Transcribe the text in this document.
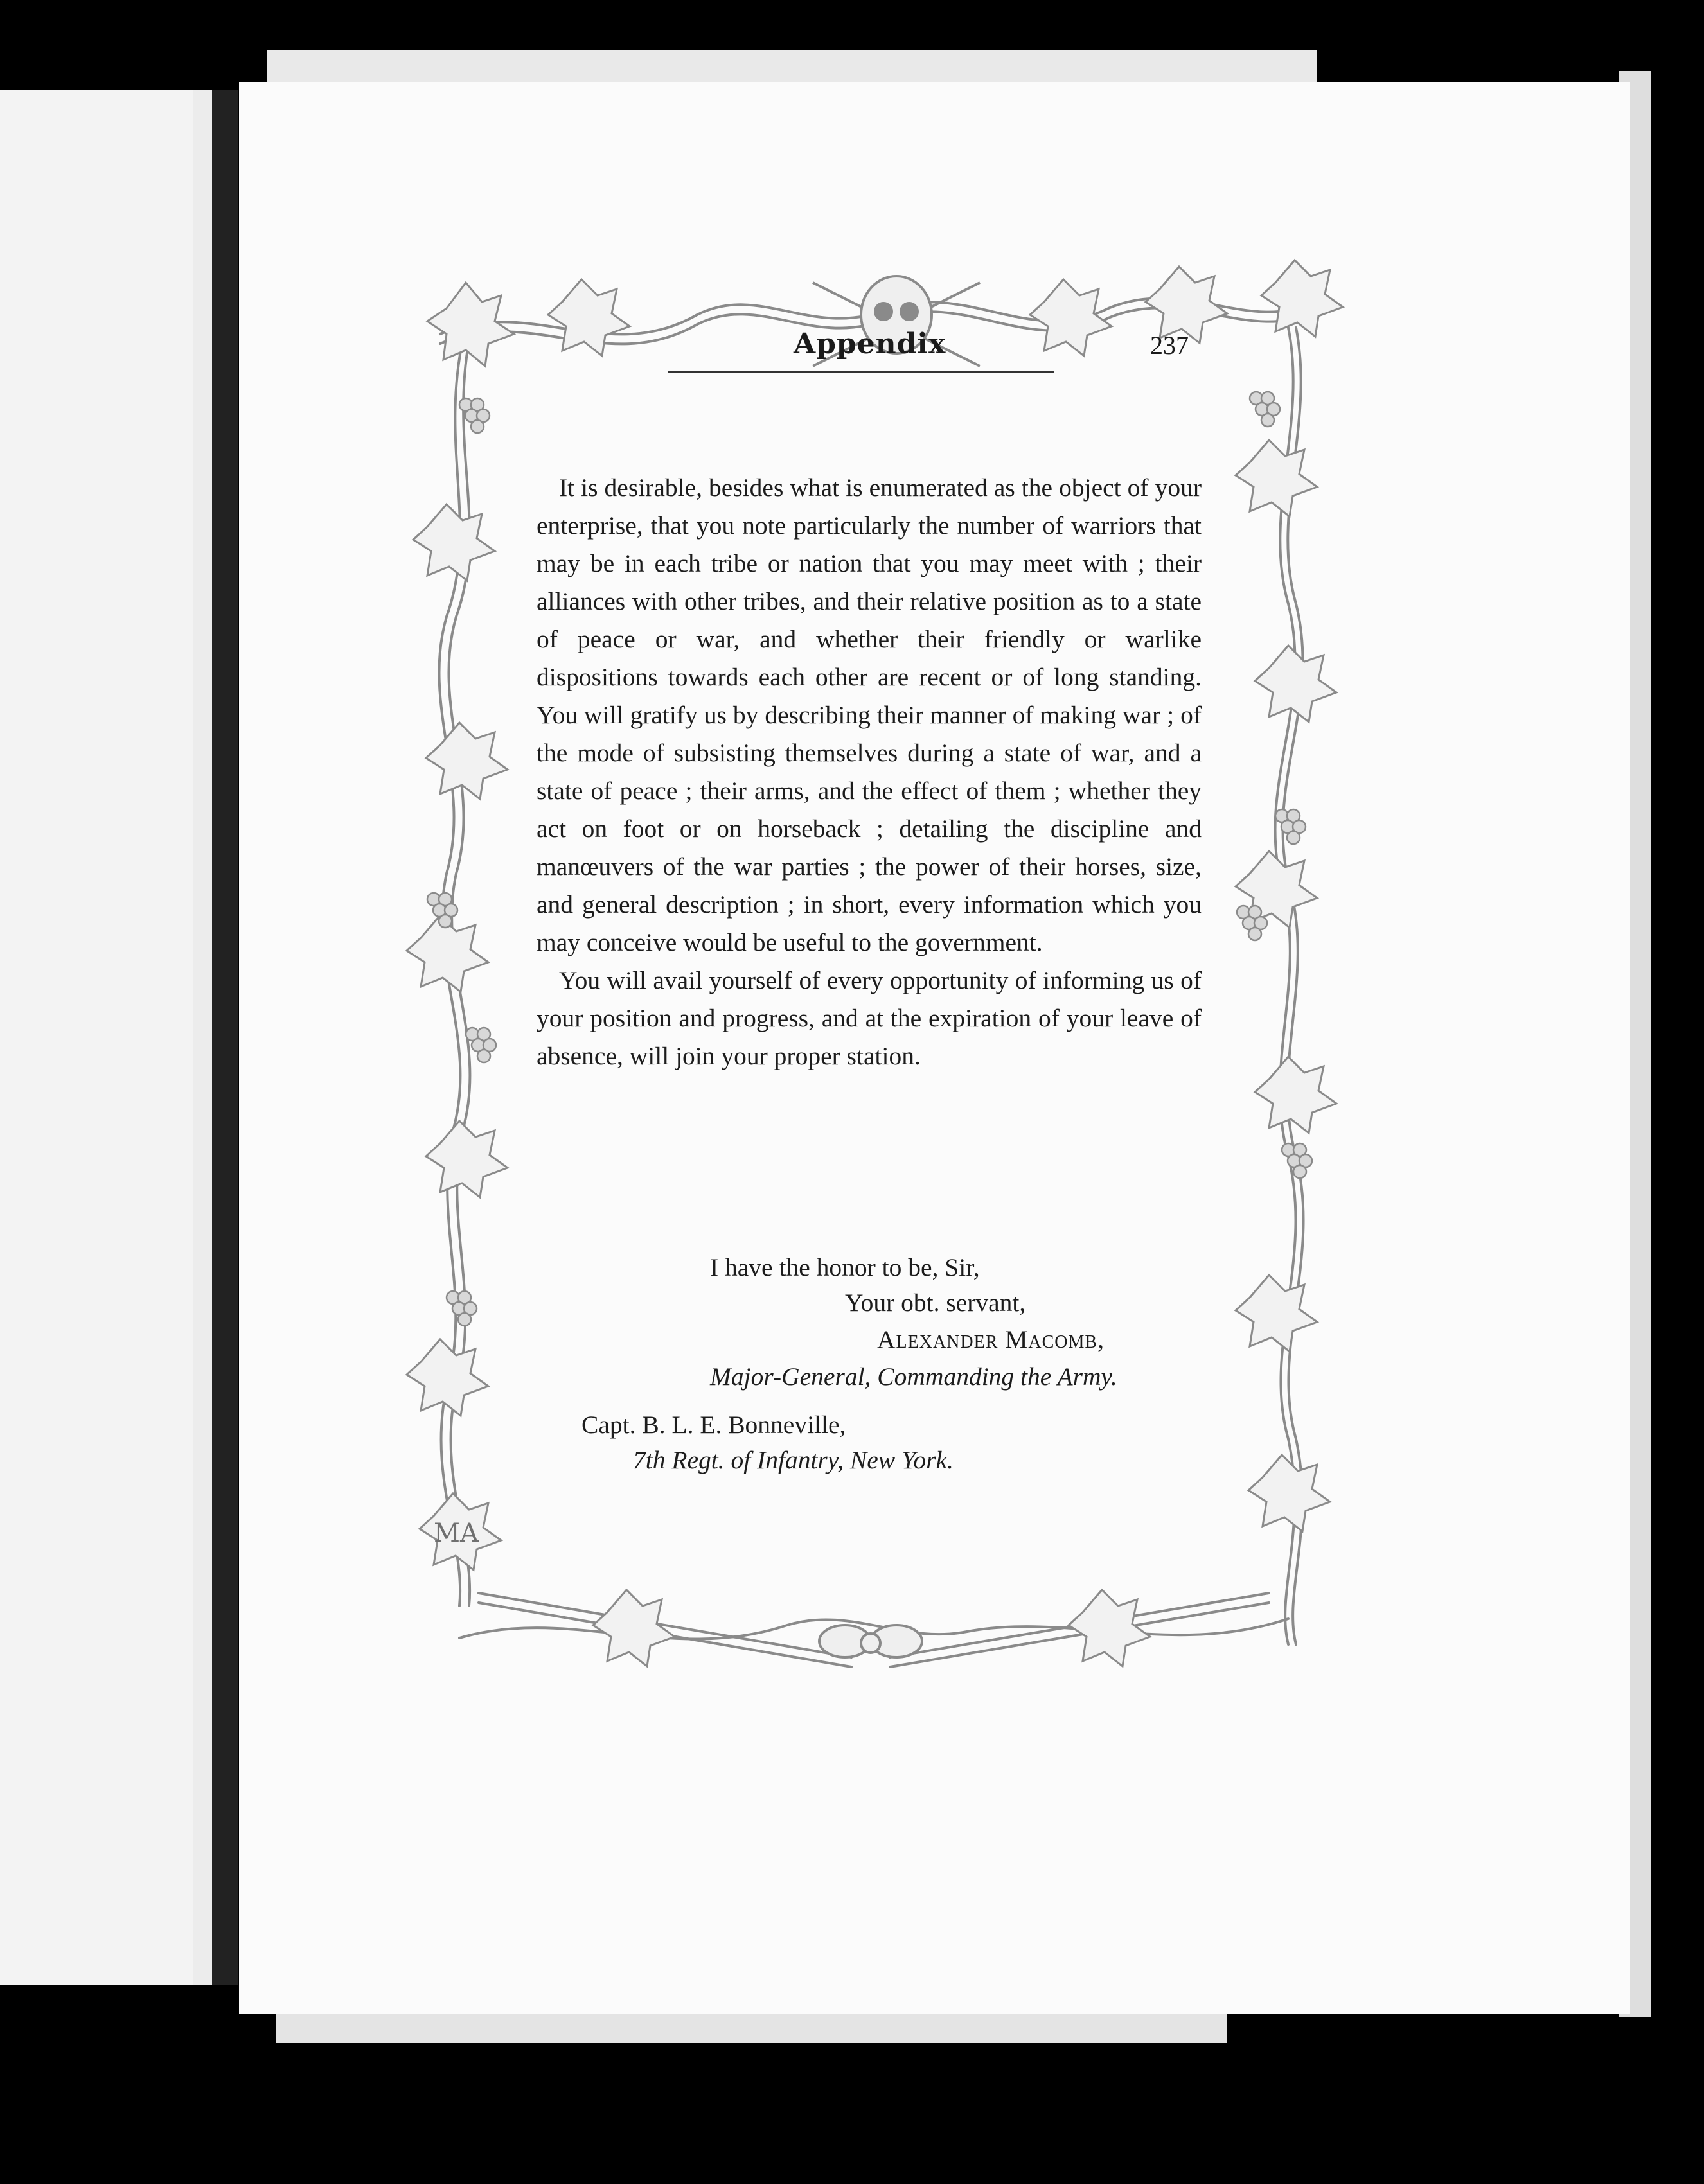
MA
Appendix	237

It is desirable, besides what is enumerated as the object of your enterprise, that you note particularly the number of warriors that may be in each tribe or nation that you may meet with ; their alliances with other tribes, and their relative position as to a state of peace or war, and whether their friendly or warlike dispositions towards each other are recent or of long standing. You will gratify us by describing their manner of making war ; of the mode of subsisting themselves during a state of war, and a state of peace ; their arms, and the effect of them ; whether they act on foot or on horseback ; detailing the discipline and manœuvers of the war parties ; the power of their horses, size, and general description ; in short, every information which you may conceive would be useful to the government.

You will avail yourself of every opportunity of informing us of your position and progress, and at the expiration of your leave of absence, will join your proper station.

I have the honor to be, Sir,
Your obt. servant,
Alexander Macomb,
Major-General, Commanding the Army.
Capt. B. L. E. Bonneville,
7th Regt. of Infantry, New York.
